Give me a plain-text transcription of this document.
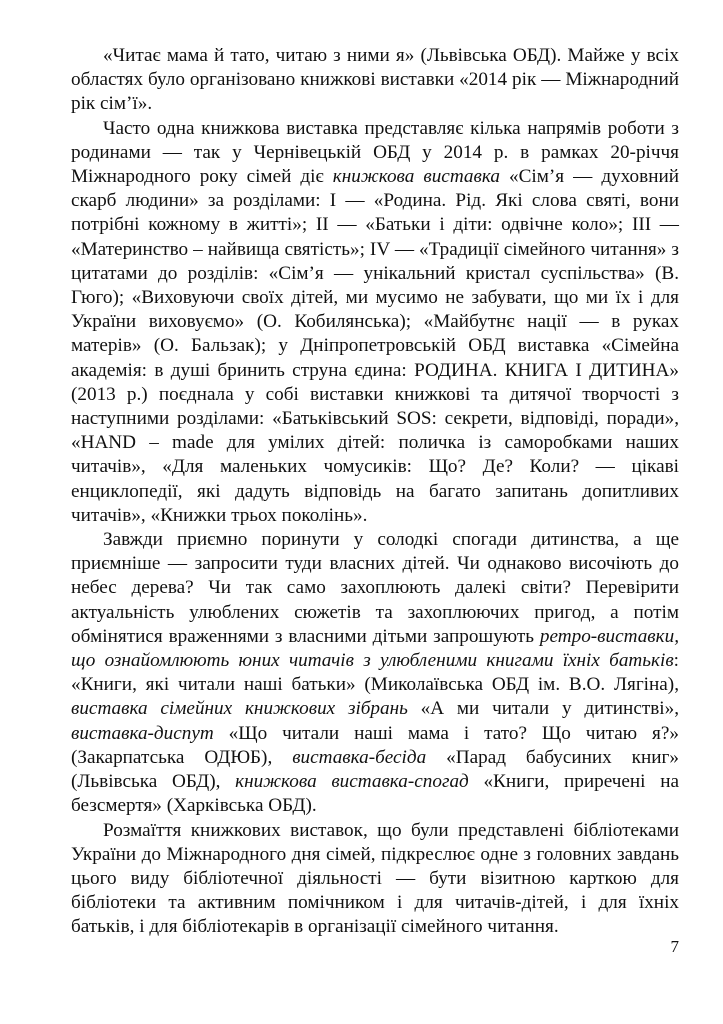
«Читає мама й тато, читаю з ними я» (Львівська ОБД). Майже у всіх областях було організовано книжкові виставки «2014 рік — Міжнародний рік сім’ї».

Часто одна книжкова виставка представляє кілька напрямів роботи з родинами — так у Чернівецькій ОБД у 2014 р. в рамках 20-річчя Міжнародного року сімей діє книжкова виставка «Сім’я — духовний скарб людини» за розділами: І — «Родина. Рід. Які слова святі, вони потрібні кожному в житті»; ІІ — «Батьки і діти: одвічне коло»; ІІІ — «Материнство – найвища святість»; IV — «Традиції сімейного читання» з цитатами до розділів: «Сім’я — унікальний кристал суспільства» (В. Гюго); «Виховуючи своїх дітей, ми мусимо не забувати, що ми їх і для України виховуємо» (О. Кобилянська); «Майбутнє нації — в руках матерів» (О. Бальзак); у Дніпропетровській ОБД виставка «Сімейна академія: в душі бринить струна єдина: РОДИНА. КНИГА І ДИТИНА» (2013 р.) поєднала у собі виставки книжкові та дитячої творчості з наступними розділами: «Батьківський SOS: секрети, відповіді, поради», «HAND – made для умілих дітей: поличка із саморобками наших читачів», «Для маленьких чомусиків: Що? Де? Коли? — цікаві енциклопедії, які дадуть відповідь на багато запитань допитливих читачів», «Книжки трьох поколінь».

Завжди приємно поринути у солодкі спогади дитинства, а ще приємніше — запросити туди власних дітей. Чи однаково височіють до небес дерева? Чи так само захоплюють далекі світи? Перевірити актуальність улюблених сюжетів та захоплюючих пригод, а потім обмінятися враженнями з власними дітьми запрошують ретро-виставки, що ознайомлюють юних читачів з улюбленими книгами їхніх батьків: «Книги, які читали наші батьки» (Миколаївська ОБД ім. В.О. Лягіна), виставка сімейних книжкових зібрань «А ми читали у дитинстві», виставка-диспут «Що читали наші мама і тато? Що читаю я?» (Закарпатська ОДЮБ), виставка-бесіда «Парад бабусиних книг» (Львівська ОБД), книжкова виставка-спогад «Книги, приречені на безсмертя» (Харківська ОБД).

Розмаїття книжкових виставок, що були представлені бібліотеками України до Міжнародного дня сімей, підкреслює одне з головних завдань цього виду бібліотечної діяльності — бути візитною карткою для бібліотеки та активним помічником і для читачів-дітей, і для їхніх батьків, і для бібліотекарів в організації сімейного читання.

7
